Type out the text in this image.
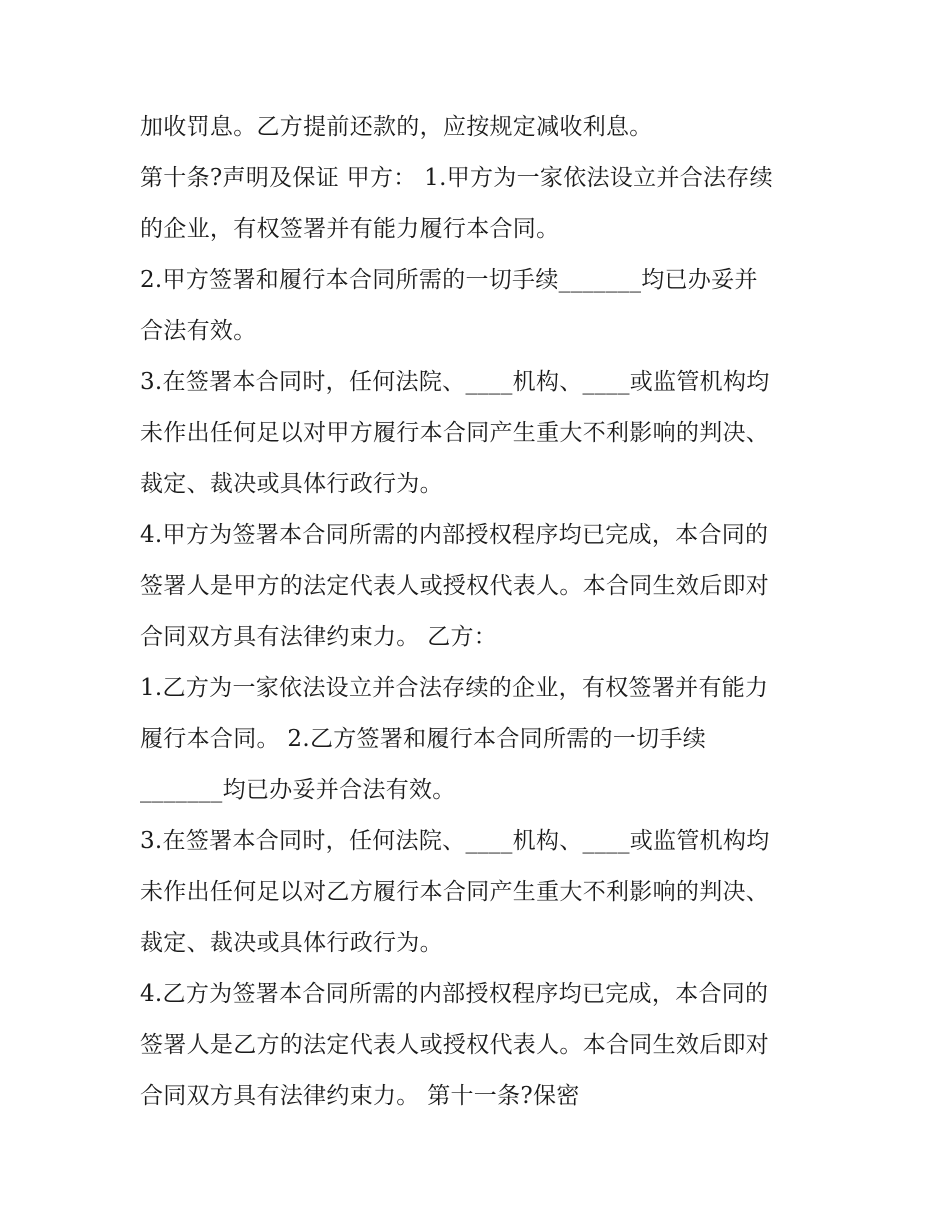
加收罚息。乙方提前还款的，应按规定减收利息。
第十条?声明及保证 甲方： 1.甲方为一家依法设立并合法存续
的企业，有权签署并有能力履行本合同。
2.甲方签署和履行本合同所需的一切手续_______均已办妥并
合法有效。
3.在签署本合同时，任何法院、____机构、____或监管机构均
未作出任何足以对甲方履行本合同产生重大不利影响的判决、
裁定、裁决或具体行政行为。
4.甲方为签署本合同所需的内部授权程序均已完成，本合同的
签署人是甲方的法定代表人或授权代表人。本合同生效后即对
合同双方具有法律约束力。 乙方：
1.乙方为一家依法设立并合法存续的企业，有权签署并有能力
履行本合同。 2.乙方签署和履行本合同所需的一切手续
_______均已办妥并合法有效。
3.在签署本合同时，任何法院、____机构、____或监管机构均
未作出任何足以对乙方履行本合同产生重大不利影响的判决、
裁定、裁决或具体行政行为。
4.乙方为签署本合同所需的内部授权程序均已完成，本合同的
签署人是乙方的法定代表人或授权代表人。本合同生效后即对
合同双方具有法律约束力。 第十一条?保密
